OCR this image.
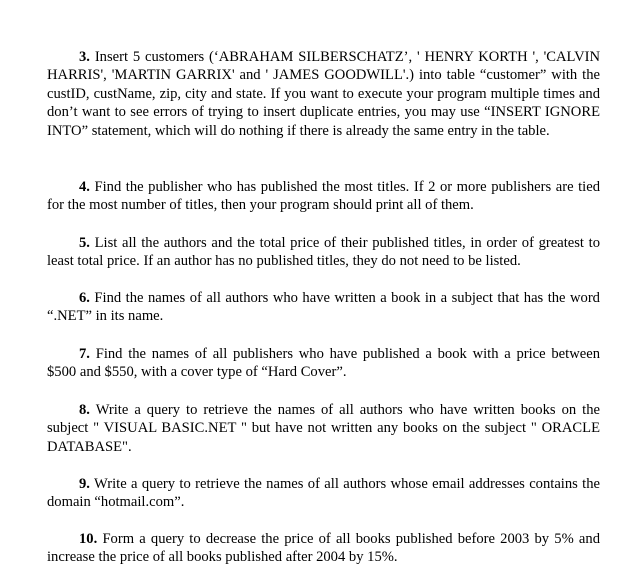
3. Insert 5 customers (‘ABRAHAM SILBERSCHATZ’, ' HENRY KORTH ', 'CALVIN HARRIS', 'MARTIN GARRIX' and ' JAMES GOODWILL'.) into table “customer” with the custID, custName, zip, city and state. If you want to execute your program multiple times and don’t want to see errors of trying to insert duplicate entries, you may use “INSERT IGNORE INTO” statement, which will do nothing if there is already the same entry in the table.

4. Find the publisher who has published the most titles. If 2 or more publishers are tied for the most number of titles, then your program should print all of them.

5. List all the authors and the total price of their published titles, in order of greatest to least total price. If an author has no published titles, they do not need to be listed.

6. Find the names of all authors who have written a book in a subject that has the word “.NET” in its name.

7. Find the names of all publishers who have published a book with a price between $500 and $550, with a cover type of “Hard Cover”.

8. Write a query to retrieve the names of all authors who have written books on the subject " VISUAL BASIC.NET " but have not written any books on the subject " ORACLE DATABASE".

9. Write a query to retrieve the names of all authors whose email addresses contains the domain “hotmail.com”.

10. Form a query to decrease the price of all books published before 2003 by 5% and increase the price of all books published after 2004 by 15%.
